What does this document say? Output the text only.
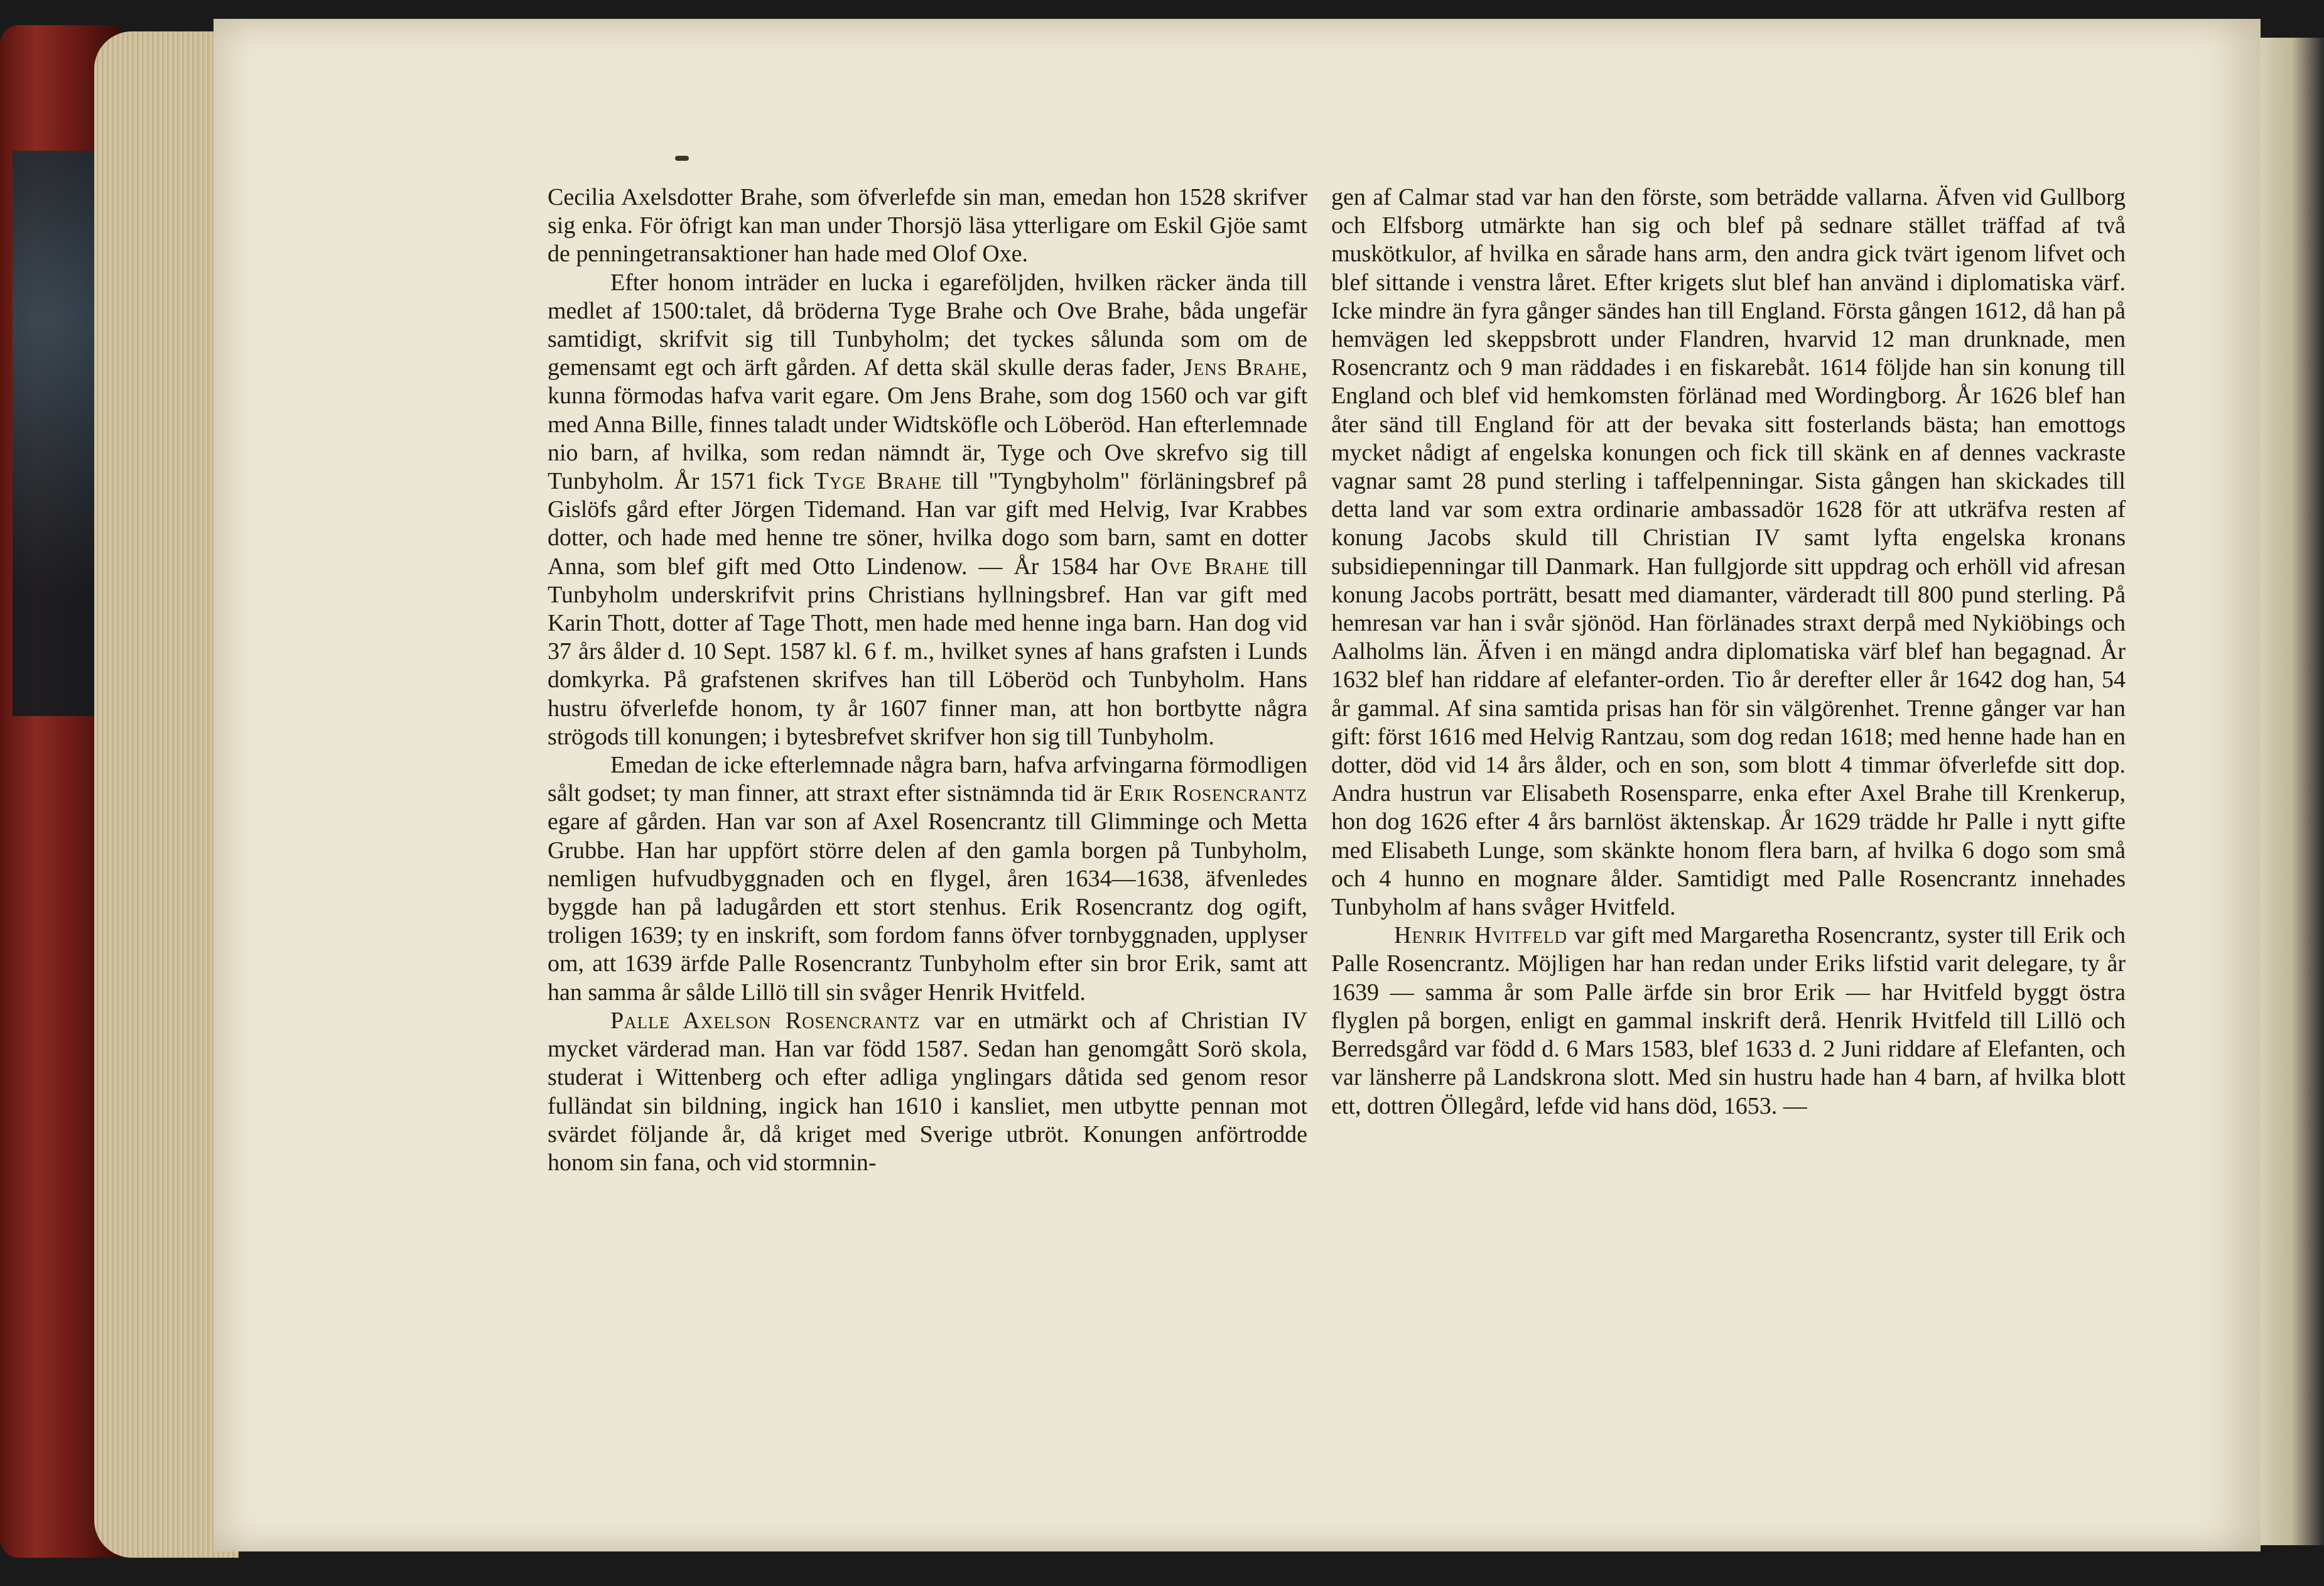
Cecilia Axelsdotter Brahe, som öfverlefde sin man, emedan hon 1528 skrifver sig enka. För öfrigt kan man under Thorsjö läsa ytterligare om Eskil Gjöe samt de penningetransaktioner han hade med Olof Oxe.

Efter honom inträder en lucka i egareföljden, hvilken räcker ända till medlet af 1500:talet, då bröderna Tyge Brahe och Ove Brahe, båda ungefär samtidigt, skrifvit sig till Tunbyholm; det tyckes sålunda som om de gemensamt egt och ärft gården. Af detta skäl skulle deras fader, Jens Brahe, kunna förmodas hafva varit egare. Om Jens Brahe, som dog 1560 och var gift med Anna Bille, finnes taladt under Widtsköfle och Löberöd. Han efterlemnade nio barn, af hvilka, som redan nämndt är, Tyge och Ove skrefvo sig till Tunbyholm. År 1571 fick Tyge Brahe till "Tyngbyholm" förläningsbref på Gislöfs gård efter Jörgen Tidemand. Han var gift med Helvig, Ivar Krabbes dotter, och hade med henne tre söner, hvilka dogo som barn, samt en dotter Anna, som blef gift med Otto Lindenow. — År 1584 har Ove Brahe till Tunbyholm underskrifvit prins Christians hyllningsbref. Han var gift med Karin Thott, dotter af Tage Thott, men hade med henne inga barn. Han dog vid 37 års ålder d. 10 Sept. 1587 kl. 6 f. m., hvilket synes af hans grafsten i Lunds domkyrka. På grafstenen skrifves han till Löberöd och Tunbyholm. Hans hustru öfverlefde honom, ty år 1607 finner man, att hon bortbytte några strögods till konungen; i bytesbrefvet skrifver hon sig till Tunbyholm.

Emedan de icke efterlemnade några barn, hafva arfvingarna förmodligen sålt godset; ty man finner, att straxt efter sistnämnda tid är Erik Rosencrantz egare af gården. Han var son af Axel Rosencrantz till Glimminge och Metta Grubbe. Han har uppfört större delen af den gamla borgen på Tunbyholm, nemligen hufvudbyggnaden och en flygel, åren 1634—1638, äfvenledes byggde han på ladugården ett stort stenhus. Erik Rosencrantz dog ogift, troligen 1639; ty en inskrift, som fordom fanns öfver tornbyggnaden, upplyser om, att 1639 ärfde Palle Rosencrantz Tunbyholm efter sin bror Erik, samt att han samma år sålde Lillö till sin svåger Henrik Hvitfeld.

Palle Axelson Rosencrantz var en utmärkt och af Christian IV mycket värderad man. Han var född 1587. Sedan han genomgått Sorö skola, studerat i Wittenberg och efter adliga ynglingars dåtida sed genom resor fulländat sin bildning, ingick han 1610 i kansliet, men utbytte pennan mot svärdet följande år, då kriget med Sverige utbröt. Konungen anförtrodde honom sin fana, och vid stormnin-

gen af Calmar stad var han den förste, som beträdde vallarna. Äfven vid Gullborg och Elfsborg utmärkte han sig och blef på sednare stället träffad af två muskötkulor, af hvilka en sårade hans arm, den andra gick tvärt igenom lifvet och blef sittande i venstra låret. Efter krigets slut blef han använd i diplomatiska värf. Icke mindre än fyra gånger sändes han till England. Första gången 1612, då han på hemvägen led skeppsbrott under Flandren, hvarvid 12 man drunknade, men Rosencrantz och 9 man räddades i en fiskarebåt. 1614 följde han sin konung till England och blef vid hemkomsten förlänad med Wordingborg. År 1626 blef han åter sänd till England för att der bevaka sitt fosterlands bästa; han emottogs mycket nådigt af engelska konungen och fick till skänk en af dennes vackraste vagnar samt 28 pund sterling i taffelpenningar. Sista gången han skickades till detta land var som extra ordinarie ambassadör 1628 för att utkräfva resten af konung Jacobs skuld till Christian IV samt lyfta engelska kronans subsidiepenningar till Danmark. Han fullgjorde sitt uppdrag och erhöll vid afresan konung Jacobs porträtt, besatt med diamanter, värderadt till 800 pund sterling. På hemresan var han i svår sjönöd. Han förlänades straxt derpå med Nykiöbings och Aalholms län. Äfven i en mängd andra diplomatiska värf blef han begagnad. År 1632 blef han riddare af elefanter-orden. Tio år derefter eller år 1642 dog han, 54 år gammal. Af sina samtida prisas han för sin välgörenhet. Trenne gånger var han gift: först 1616 med Helvig Rantzau, som dog redan 1618; med henne hade han en dotter, död vid 14 års ålder, och en son, som blott 4 timmar öfverlefde sitt dop. Andra hustrun var Elisabeth Rosensparre, enka efter Axel Brahe till Krenkerup, hon dog 1626 efter 4 års barnlöst äktenskap. År 1629 trädde hr Palle i nytt gifte med Elisabeth Lunge, som skänkte honom flera barn, af hvilka 6 dogo som små och 4 hunno en mognare ålder. Samtidigt med Palle Rosencrantz innehades Tunbyholm af hans svåger Hvitfeld.

Henrik Hvitfeld var gift med Margaretha Rosencrantz, syster till Erik och Palle Rosencrantz. Möjligen har han redan under Eriks lifstid varit delegare, ty år 1639 — samma år som Palle ärfde sin bror Erik — har Hvitfeld byggt östra flyglen på borgen, enligt en gammal inskrift derå. Henrik Hvitfeld till Lillö och Berredsgård var född d. 6 Mars 1583, blef 1633 d. 2 Juni riddare af Elefanten, och var länsherre på Landskrona slott. Med sin hustru hade han 4 barn, af hvilka blott ett, dottren Öllegård, lefde vid hans död, 1653. —
